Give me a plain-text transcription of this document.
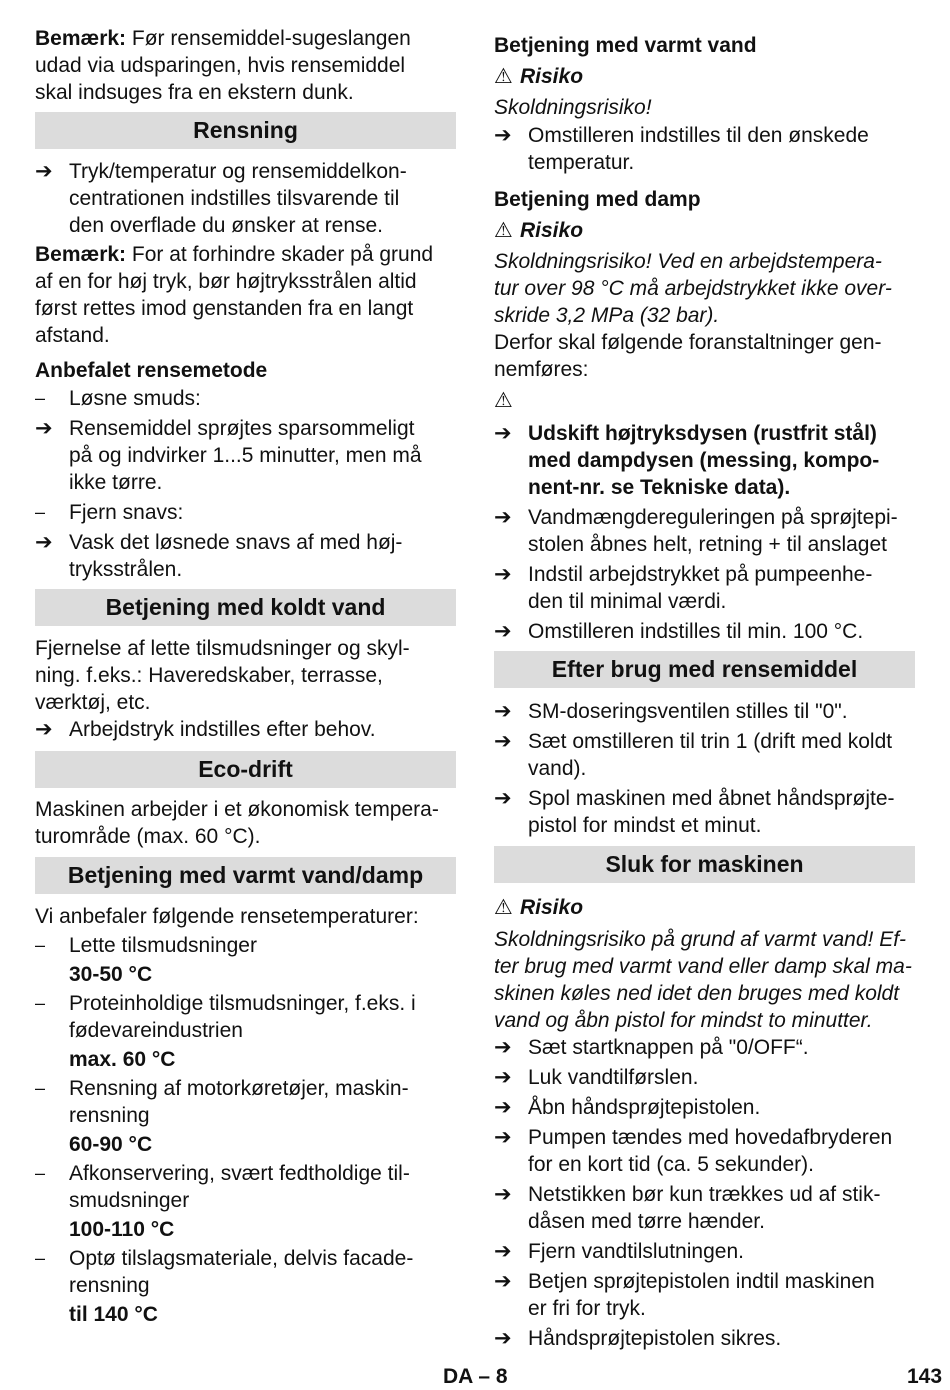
Bemærk: Før rensemiddel-sugeslangen
udad via udsparingen, hvis rensemiddel
skal indsuges fra en ekstern dunk.
Rensning
➔ Tryk/temperatur og rensemiddelkon-
centrationen indstilles tilsvarende til
den overflade du ønsker at rense.
Bemærk: For at forhindre skader på grund
af en for høj tryk, bør højtryksstrålen altid
først rettes imod genstanden fra en langt
afstand.
Anbefalet rensemetode
–	Løsne smuds:
➔ Rensemiddel sprøjtes sparsommeligt
på og indvirker 1...5 minutter, men må
ikke tørre.
–	Fjern snavs:
➔ Vask det løsnede snavs af med høj-
tryksstrålen.
Betjening med koldt vand
Fjernelse af lette tilsmudsninger og skyl-
ning. f.eks.: Haveredskaber, terrasse,
værktøj, etc.
➔ Arbejdstryk indstilles efter behov.
Eco-drift
Maskinen arbejder i et økonomisk tempera-
turområde (max. 60 °C).
Betjening med varmt vand/damp
Vi anbefaler følgende rensetemperaturer:
–	Lette tilsmudsninger
30-50 °C
–	Proteinholdige tilsmudsninger, f.eks. i
fødevareindustrien
max. 60 °C
–	Rensning af motorkøretøjer, maskin-
rensning
60-90 °C
–	Afkonservering, svært fedtholdige til-
smudsninger
100-110 °C
–	Optø tilslagsmateriale, delvis facade-
rensning
til 140 °C
Betjening med varmt vand
⚠ Risiko
Skoldningsrisiko!
➔ Omstilleren indstilles til den ønskede
temperatur.
Betjening med damp
⚠ Risiko
Skoldningsrisiko! Ved en arbejdstempera-
tur over 98 °C må arbejdstrykket ikke over-
skride 3,2 MPa (32 bar).
Derfor skal følgende foranstaltninger gen-
nemføres:
⚠
➔ Udskift højtryksdysen (rustfrit stål)
med dampdysen (messing, kompo-
nent-nr. se Tekniske data).
➔ Vandmængdereguleringen på sprøjtepi-
stolen åbnes helt, retning + til anslaget
➔ Indstil arbejdstrykket på pumpeenhe-
den til minimal værdi.
➔ Omstilleren indstilles til min. 100 °C.
Efter brug med rensemiddel
➔ SM-doseringsventilen stilles til "0".
➔ Sæt omstilleren til trin 1 (drift med koldt
vand).
➔ Spol maskinen med åbnet håndsprøjte-
pistol for mindst et minut.
Sluk for maskinen
⚠ Risiko
Skoldningsrisiko på grund af varmt vand! Ef-
ter brug med varmt vand eller damp skal ma-
skinen køles ned idet den bruges med koldt
vand og åbn pistol for mindst to minutter.
➔ Sæt startknappen på "0/OFF“.
➔ Luk vandtilførslen.
➔ Åbn håndsprøjtepistolen.
➔ Pumpen tændes med hovedafbryderen
for en kort tid (ca. 5 sekunder).
➔ Netstikken bør kun trækkes ud af stik-
dåsen med tørre hænder.
➔ Fjern vandtilslutningen.
➔ Betjen sprøjtepistolen indtil maskinen
er fri for tryk.
➔ Håndsprøjtepistolen sikres.
DA – 8	143
